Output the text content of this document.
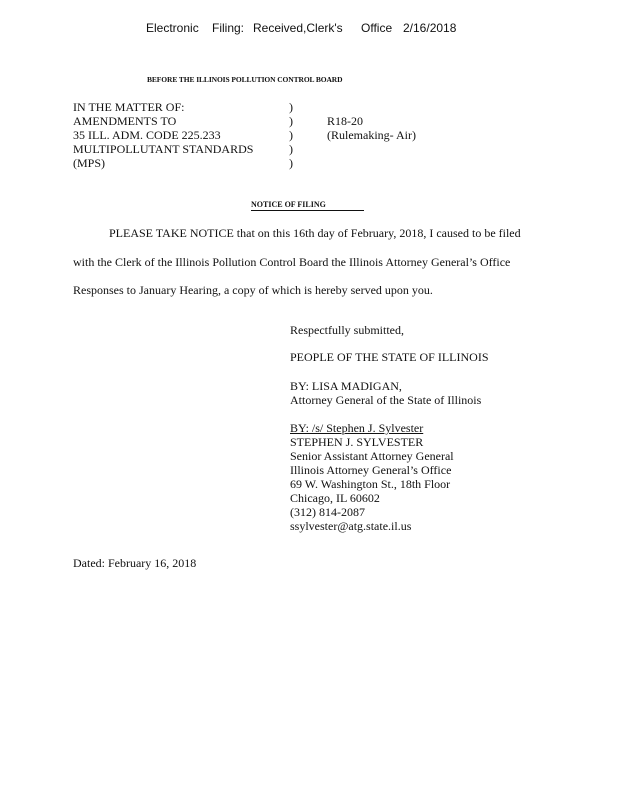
Electronic Filing: Received,Clerk's Office 2/16/2018
BEFORE THE ILLINOIS POLLUTION CONTROL BOARD
IN THE MATTER OF:
AMENDMENTS TO
35 ILL. ADM. CODE 225.233
MULTIPOLLUTANT STANDARDS
(MPS)
)
)
)
)
)
R18-20
(Rulemaking- Air)
NOTICE OF FILING
PLEASE TAKE NOTICE that on this 16th day of February, 2018, I caused to be filed
with the Clerk of the Illinois Pollution Control Board the Illinois Attorney General’s Office
Responses to January Hearing, a copy of which is hereby served upon you.
Respectfully submitted,
PEOPLE OF THE STATE OF ILLINOIS
BY: LISA MADIGAN,
Attorney General of the State of Illinois
BY: /s/ Stephen J. Sylvester
STEPHEN J. SYLVESTER
Senior Assistant Attorney General
Illinois Attorney General’s Office
69 W. Washington St., 18th Floor
Chicago, IL 60602
(312) 814-2087
ssylvester@atg.state.il.us
Dated: February 16, 2018
